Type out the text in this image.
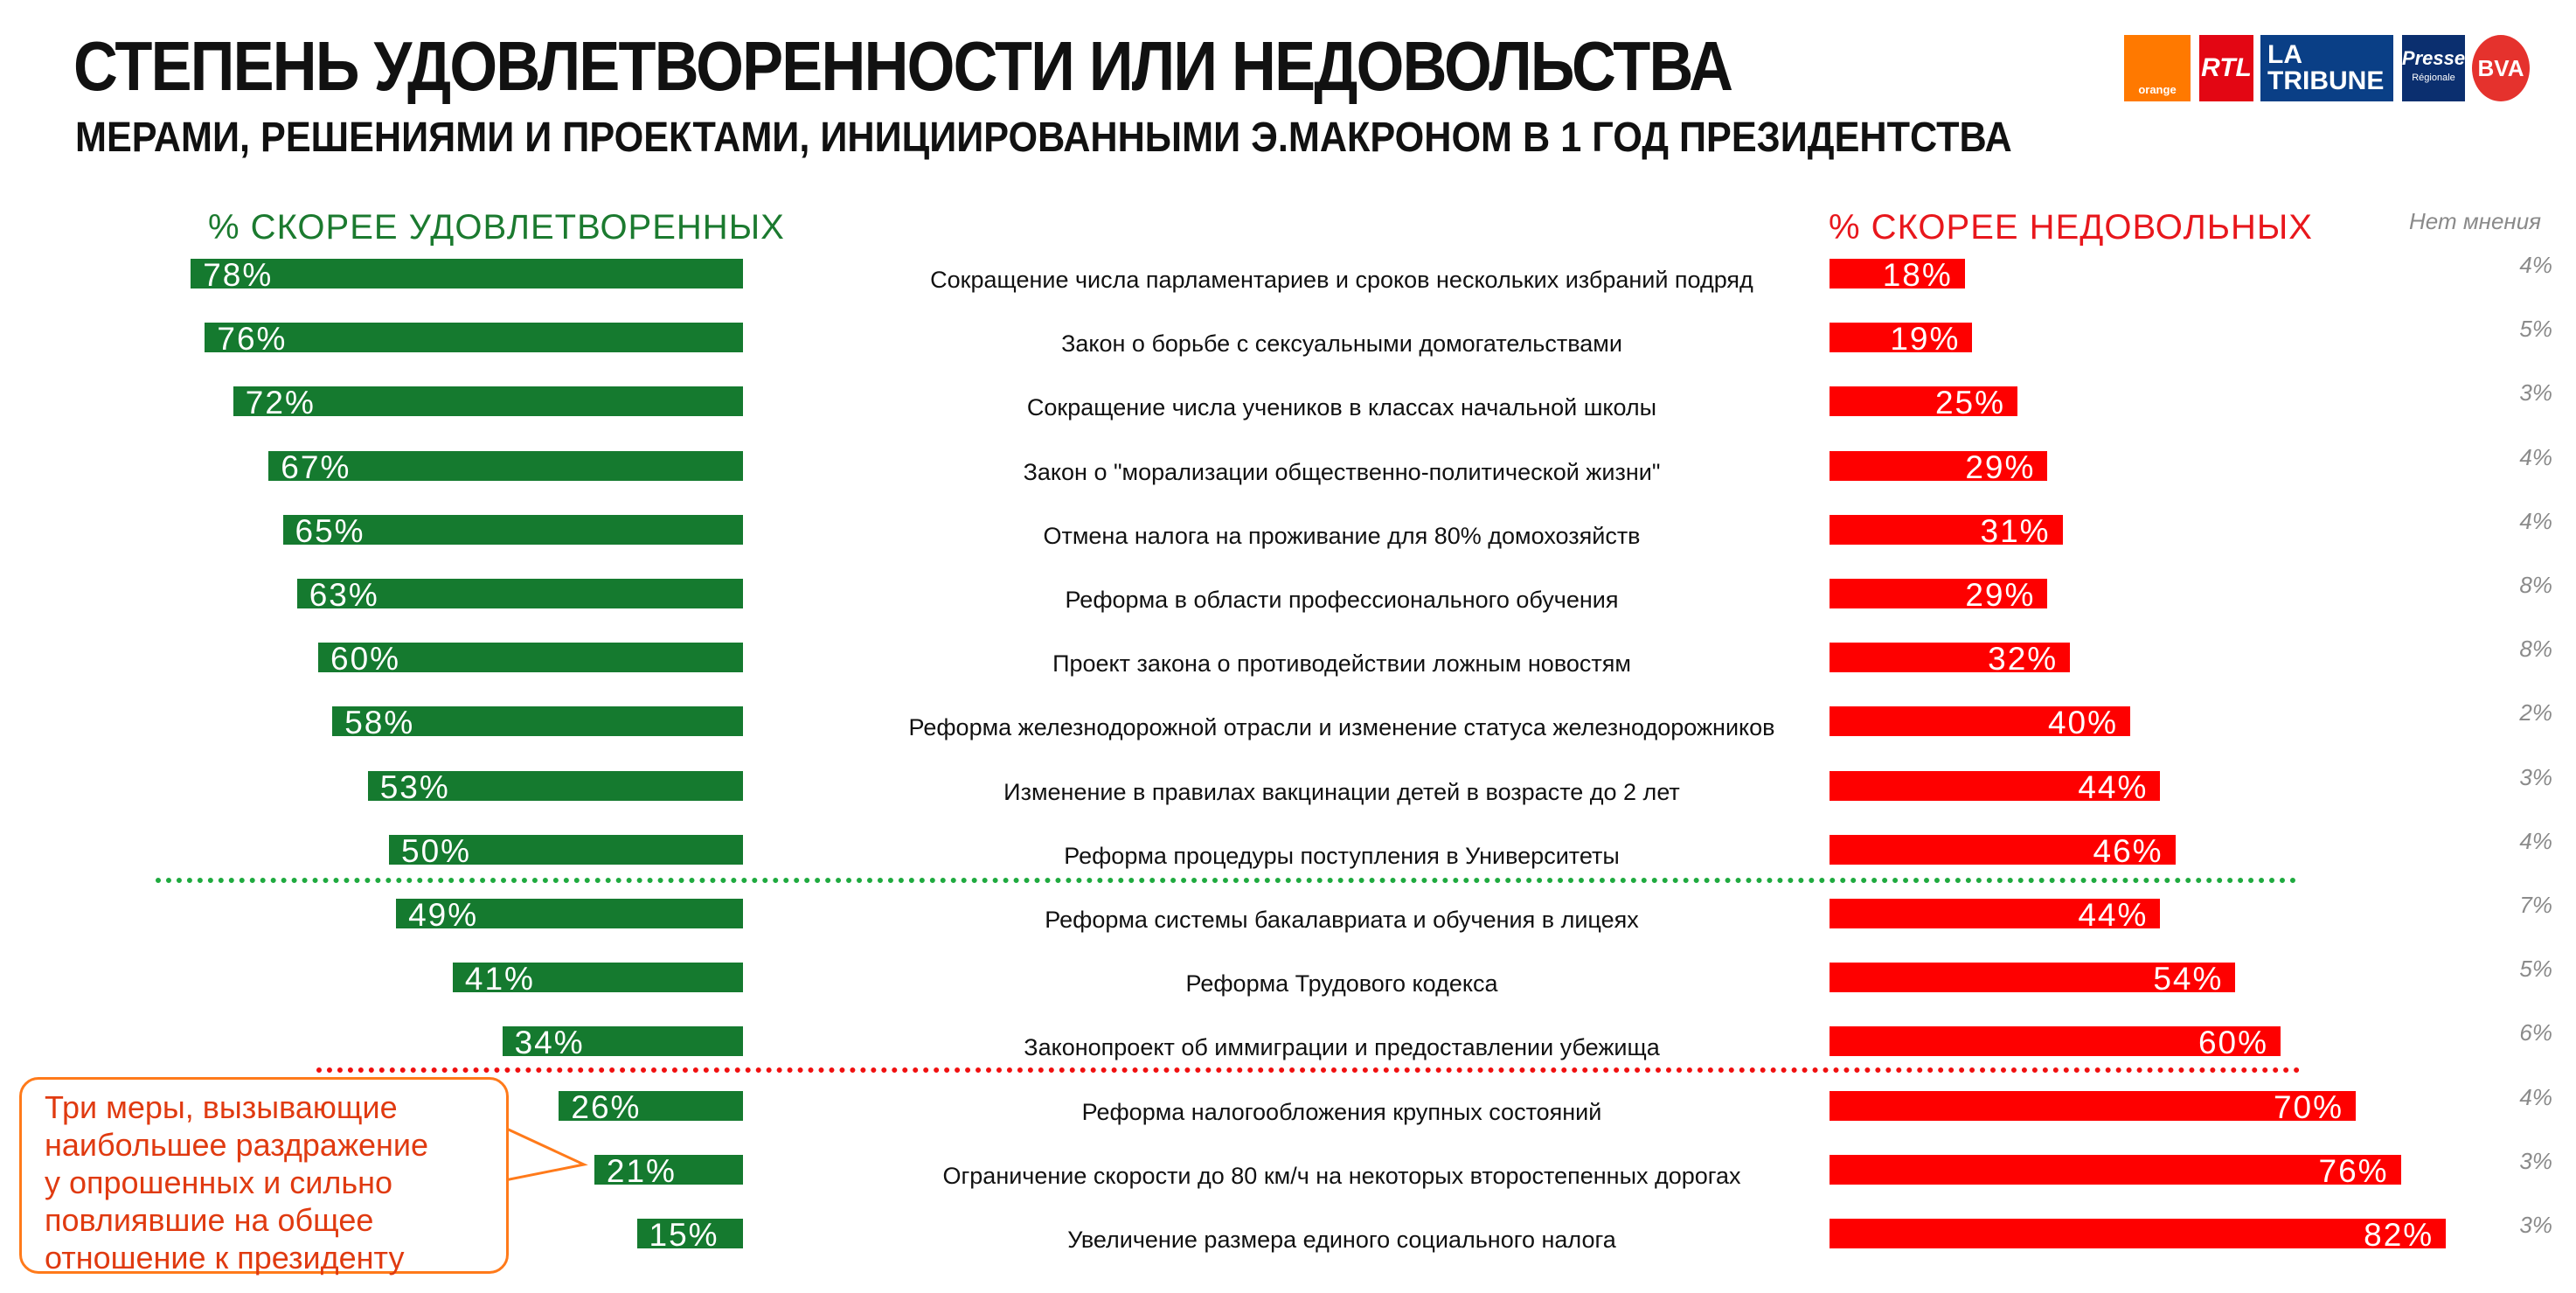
СТЕПЕНЬ УДОВЛЕТВОРЕННОСТИ ИЛИ НЕДОВОЛЬСТВА
МЕРАМИ, РЕШЕНИЯМИ И ПРОЕКТАМИ, ИНИЦИИРОВАННЫМИ Э.МАКРОНОМ В 1 ГОД ПРЕЗИДЕНТСТВА
orange
RTL LA
TRIBUNE
Presse
Régionale BVA
% СКОРЕЕ УДОВЛЕТВОРЕННЫХ	% СКОРЕЕ НЕДОВОЛЬНЫХ	Нет мнения
78%	Сокращение числа парламентариев и сроков нескольких избраний подряд	18%	4%
76%	Закон о борьбе с сексуальными домогательствами	19%	5%
72%	Сокращение числа учеников в классах начальной школы	25%	3%
67%	Закон о "морализации общественно-политической жизни"	29%	4%
65%	Отмена налога на проживание для 80% домохозяйств	31%	4%
63%	Реформа в области профессионального обучения	29%	8%
60%	Проект закона о противодействии ложным новостям	32%	8%
58%	Реформа железнодорожной отрасли и изменение статуса железнодорожников	40%	2%
53%	Изменение в правилах вакцинации детей в возрасте до 2 лет	44%	3%
50%	Реформа процедуры поступления в Университеты	46%	4%
49%	Реформа системы бакалавриата и обучения в лицеях	44%	7%
41%	Реформа Трудового кодекса	54%	5%
34%	Законопроект об иммиграции и предоставлении убежища	60%	6%
26%	Реформа налогообложения крупных состояний	70%	4%
21%	Ограничение скорости до 80 км/ч на некоторых второстепенных дорогах	76%	3%
15%	Увеличение размера единого социального налога	82%	3%
Три меры, вызывающие
наибольшее раздражение
у опрошенных и сильно
повлиявшие на общее
отношение к президенту
